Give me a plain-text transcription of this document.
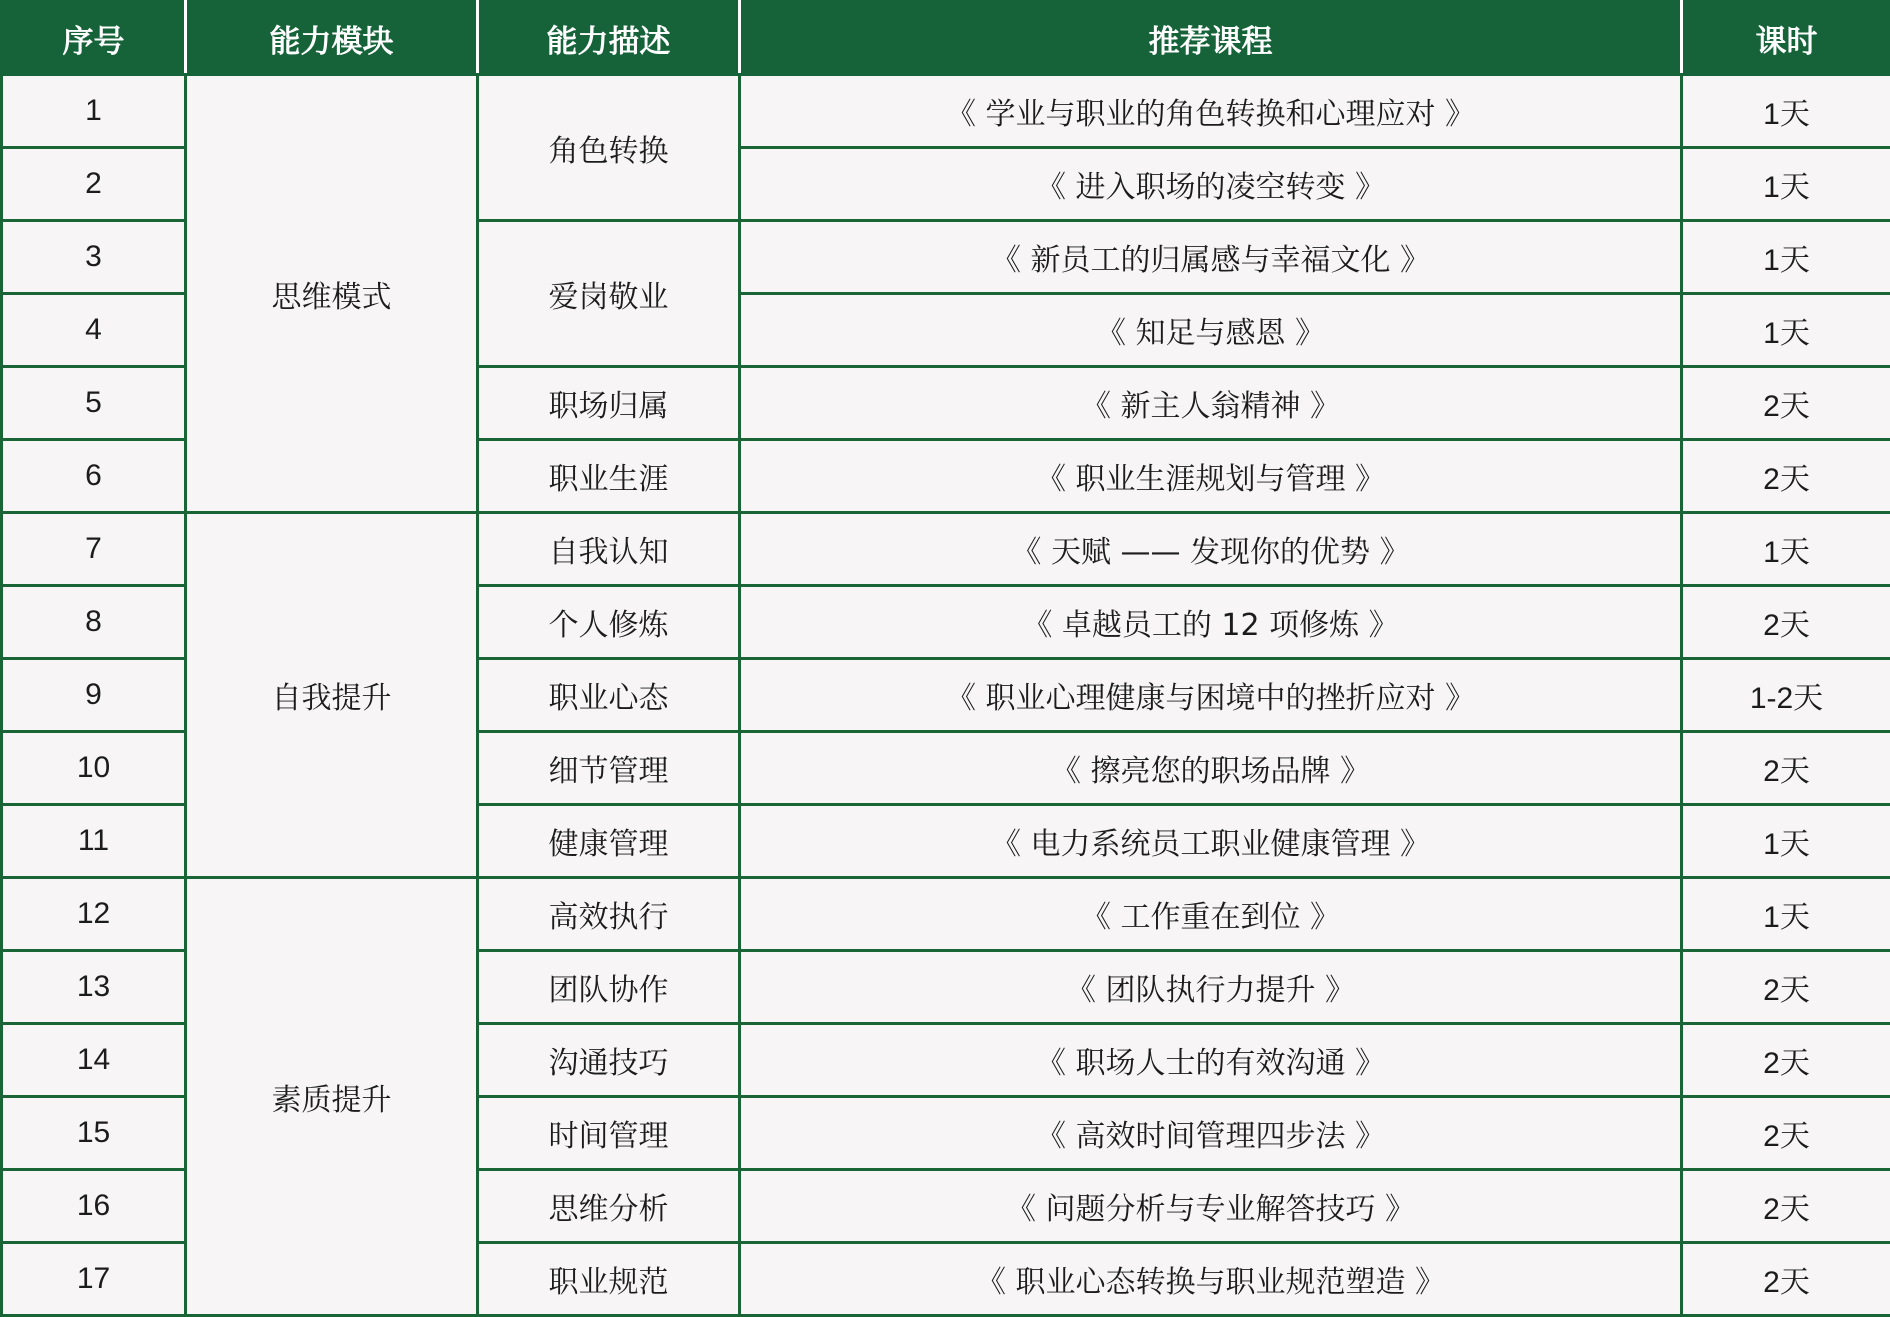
序号	能力模块	能力描述	推荐课程	课时
1	思维模式	角色转换	《 学业与职业的角色转换和心理应对 》	1天
2			《 进入职场的凌空转变 》	1天
3		爱岗敬业	《 新员工的归属感与幸福文化 》	1天
4			《 知足与感恩 》	1天
5		职场归属	《 新主人翁精神 》	2天
6		职业生涯	《 职业生涯规划与管理 》	2天
7	自我提升	自我认知	《 天赋 —— 发现你的优势 》	1天
8		个人修炼	《 卓越员工的 12 项修炼 》	2天
9		职业心态	《 职业心理健康与困境中的挫折应对 》	1-2天
10		细节管理	《 擦亮您的职场品牌 》	2天
11		健康管理	《 电力系统员工职业健康管理 》	1天
12	素质提升	高效执行	《 工作重在到位 》	1天
13		团队协作	《 团队执行力提升 》	2天
14		沟通技巧	《 职场人士的有效沟通 》	2天
15		时间管理	《 高效时间管理四步法 》	2天
16		思维分析	《 问题分析与专业解答技巧 》	2天
17		职业规范	《 职业心态转换与职业规范塑造 》	2天
